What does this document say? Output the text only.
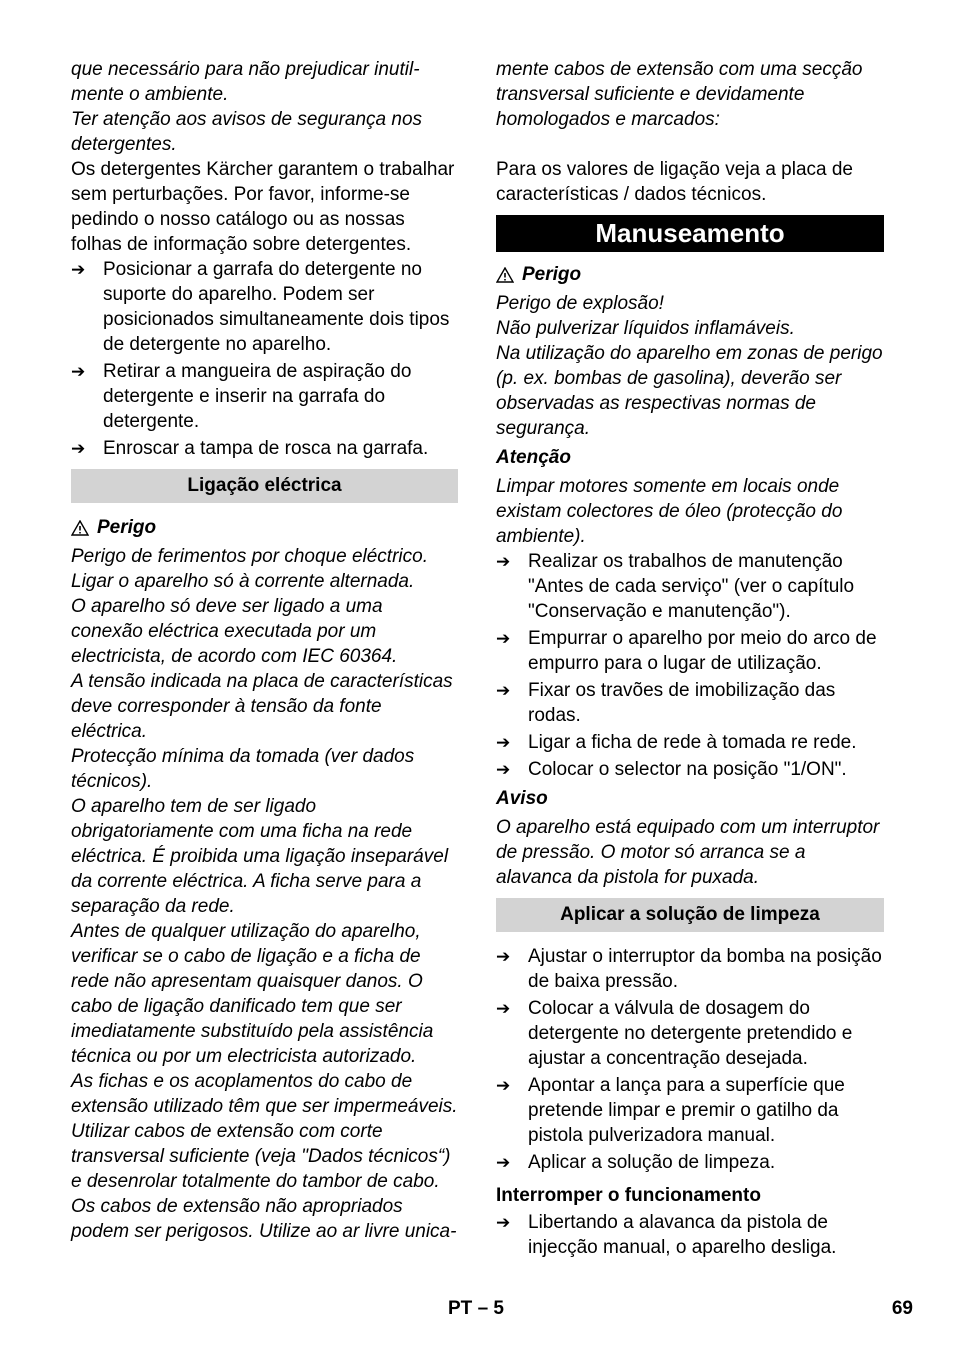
que necessário para não prejudicar inutil-mente o ambiente.

Ter atenção aos avisos de segurança nos detergentes.

Os detergentes Kärcher garantem o trabalhar sem perturbações. Por favor, informe-se pedindo o nosso catálogo ou as nossas folhas de informação sobre detergentes.

➔ Posicionar a garrafa do detergente no suporte do aparelho. Podem ser posicionados simultaneamente dois tipos de detergente no aparelho.
➔ Retirar a mangueira de aspiração do detergente e inserir na garrafa do detergente.
➔ Enroscar a tampa de rosca na garrafa.
Ligação eléctrica
Perigo

Perigo de ferimentos por choque eléctrico.

Ligar o aparelho só à corrente alternada.

O aparelho só deve ser ligado a uma conexão eléctrica executada por um electricista, de acordo com IEC 60364.

A tensão indicada na placa de características deve corresponder à tensão da fonte eléctrica.

Protecção mínima da tomada (ver dados técnicos).

O aparelho tem de ser ligado obrigatoriamente com uma ficha na rede eléctrica. É proibida uma ligação inseparável da corrente eléctrica. A ficha serve para a separação da rede.

Antes de qualquer utilização do aparelho, verificar se o cabo de ligação e a ficha de rede não apresentam quaisquer danos. O cabo de ligação danificado tem que ser imediatamente substituído pela assistência técnica ou por um electricista autorizado.

As fichas e os acoplamentos do cabo de extensão utilizado têm que ser impermeáveis.

Utilizar cabos de extensão com corte transversal suficiente (veja "Dados técnicos“) e desenrolar totalmente do tambor de cabo.

Os cabos de extensão não apropriados podem ser perigosos. Utilize ao ar livre unica-

mente cabos de extensão com uma secção transversal suficiente e devidamente homologados e marcados:

Para os valores de ligação veja a placa de características / dados técnicos.

Manuseamento
Perigo

Perigo de explosão!

Não pulverizar líquidos inflamáveis.

Na utilização do aparelho em zonas de perigo (p. ex. bombas de gasolina), deverão ser observadas as respectivas normas de segurança.

Atenção

Limpar motores somente em locais onde existam colectores de óleo (protecção do ambiente).

➔ Realizar os trabalhos de manutenção "Antes de cada serviço" (ver o capítulo "Conservação e manutenção").
➔ Empurrar o aparelho por meio do arco de empurro para o lugar de utilização.
➔ Fixar os travões de imobilização das rodas.
➔ Ligar a ficha de rede à tomada re rede.
➔ Colocar o selector na posição "1/ON".
Aviso

O aparelho está equipado com um interruptor de pressão. O motor só arranca se a alavanca da pistola for puxada.

Aplicar a solução de limpeza
➔ Ajustar o interruptor da bomba na posição de baixa pressão.
➔ Colocar a válvula de dosagem do detergente no detergente pretendido e ajustar a concentração desejada.
➔ Apontar a lança para a superfície que pretende limpar e premir o gatilho da pistola pulverizadora manual.
➔ Aplicar a solução de limpeza.
Interromper o funcionamento
➔ Libertando a alavanca da pistola de injecção manual, o aparelho desliga.
PT – 5	69
